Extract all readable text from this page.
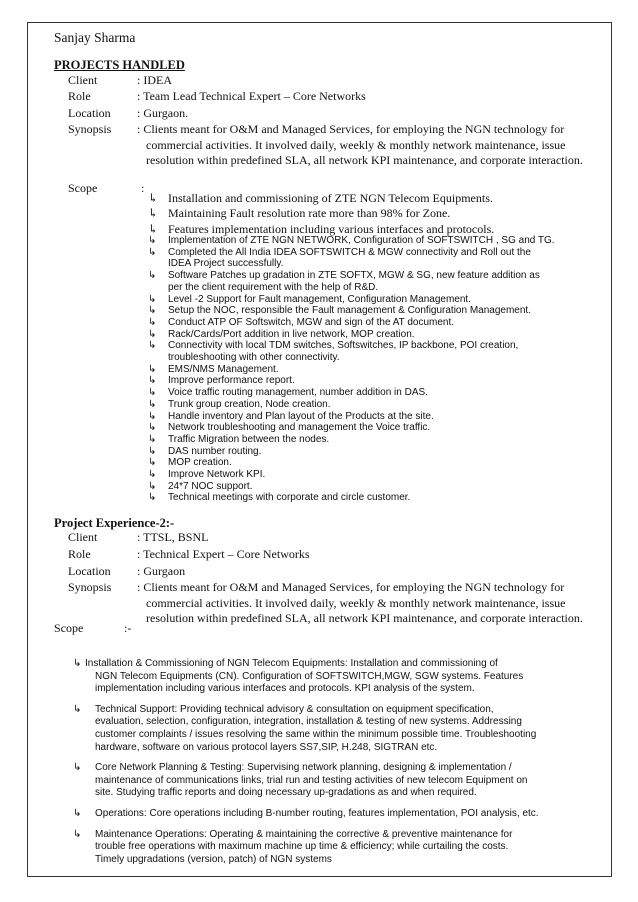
Sanjay Sharma
PROJECTS HANDLED
Client	: IDEA
Role	: Team Lead Technical Expert – Core Networks
Location : Gurgaon.
Synopsis : Clients meant for O&M and Managed Services, for employing the NGN technology for
commercial activities. It involved daily, weekly & monthly network maintenance, issue
resolution within predefined SLA, all network KPI maintenance, and corporate interaction.
Scope	:
↳ Installation and commissioning of ZTE NGN Telecom Equipments.
↳ Maintaining Fault resolution rate more than 98% for Zone.
↳ Features implementation including various interfaces and protocols.
↳ Implementation of ZTE NGN NETWORK, Configuration of SOFTSWITCH , SG and TG.
↳ Completed the All India IDEA SOFTSWITCH & MGW connectivity and Roll out the
IDEA Project successfully.
↳ Software Patches up gradation in ZTE SOFTX, MGW & SG, new feature addition as
per the client requirement with the help of R&D.
↳ Level -2 Support for Fault management, Configuration Management.
↳ Setup the NOC, responsible the Fault management & Configuration Management.
↳ Conduct ATP OF Softswitch, MGW and sign of the AT document.
↳ Rack/Cards/Port addition in live network, MOP creation.
↳ Connectivity with local TDM switches, Softswitches, IP backbone, POI creation,
troubleshooting with other connectivity.
↳ EMS/NMS Management.
↳ Improve performance report.
↳ Voice traffic routing management, number addition in DAS.
↳ Trunk group creation, Node creation.
↳ Handle inventory and Plan layout of the Products at the site.
↳ Network troubleshooting and management the Voice traffic.
↳ Traffic Migration between the nodes.
↳ DAS number routing.
↳ MOP creation.
↳ Improve Network KPI.
↳ 24*7 NOC support.
↳ Technical meetings with corporate and circle customer.
Project Experience-2:-
Client	: TTSL, BSNL
Role	: Technical Expert – Core Networks
Location : Gurgaon
Synopsis : Clients meant for O&M and Managed Services, for employing the NGN technology for
commercial activities. It involved daily, weekly & monthly network maintenance, issue
resolution within predefined SLA, all network KPI maintenance, and corporate interaction.
Scope	:-
↳ Installation & Commissioning of NGN Telecom Equipments: Installation and commissioning of
NGN Telecom Equipments (CN). Configuration of SOFTSWITCH,MGW, SGW systems. Features
implementation including various interfaces and protocols. KPI analysis of the system.
↳ Technical Support: Providing technical advisory & consultation on equipment specification,
evaluation, selection, configuration, integration, installation & testing of new systems. Addressing
customer complaints / issues resolving the same within the minimum possible time. Troubleshooting
hardware, software on various protocol layers SS7,SIP, H.248, SIGTRAN etc.
↳ Core Network Planning & Testing: Supervising network planning, designing & implementation /
maintenance of communications links, trial run and testing activities of new telecom Equipment on
site. Studying traffic reports and doing necessary up-gradations as and when required.
↳ Operations: Core operations including B-number routing, features implementation, POI analysis, etc.
↳ Maintenance Operations: Operating & maintaining the corrective & preventive maintenance for
trouble free operations with maximum machine up time & efficiency; while curtailing the costs.
Timely upgradations (version, patch) of NGN systems
